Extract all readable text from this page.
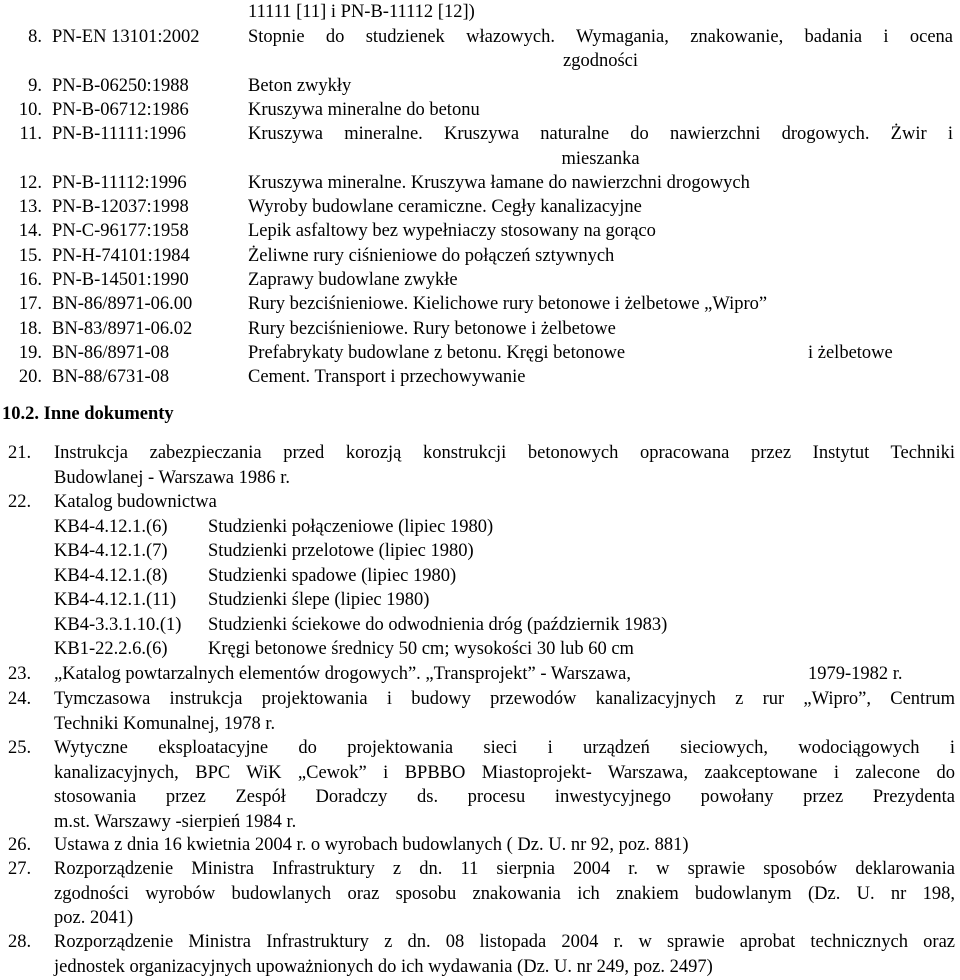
11111 [11] i PN-B-11112 [12])
8. PN-EN 13101:2002	Stopnie do studzienek włazowych. Wymagania, znakowanie, badania i ocena
zgodności
9. PN-B-06250:1988	Beton zwykły
10. PN-B-06712:1986	Kruszywa mineralne do betonu
11. PN-B-11111:1996	Kruszywa mineralne. Kruszywa naturalne do nawierzchni drogowych. Żwir i
mieszanka
12. PN-B-11112:1996	Kruszywa mineralne. Kruszywa łamane do nawierzchni drogowych
13. PN-B-12037:1998	Wyroby budowlane ceramiczne. Cegły kanalizacyjne
14. PN-C-96177:1958	Lepik asfaltowy bez wypełniaczy stosowany na gorąco
15. PN-H-74101:1984	Żeliwne rury ciśnieniowe do połączeń sztywnych
16. PN-B-14501:1990	Zaprawy budowlane zwykłe
17. BN-86/8971-06.00	Rury bezciśnieniowe. Kielichowe rury betonowe i żelbetowe „Wipro”
18. BN-83/8971-06.02	Rury bezciśnieniowe. Rury betonowe i żelbetowe
19. BN-86/8971-08	Prefabrykaty budowlane z betonu. Kręgi betonowe	i żelbetowe
20. BN-88/6731-08	Cement. Transport i przechowywanie
10.2. Inne dokumenty
21. Instrukcja zabezpieczania przed korozją konstrukcji betonowych opracowana przez Instytut Techniki
Budowlanej - Warszawa 1986 r.
22. Katalog budownictwa
KB4-4.12.1.(6) Studzienki połączeniowe (lipiec 1980)
KB4-4.12.1.(7) Studzienki przelotowe (lipiec 1980)
KB4-4.12.1.(8) Studzienki spadowe (lipiec 1980)
KB4-4.12.1.(11) Studzienki ślepe (lipiec 1980)
KB4-3.3.1.10.(1) Studzienki ściekowe do odwodnienia dróg (październik 1983)
KB1-22.2.6.(6) Kręgi betonowe średnicy 50 cm; wysokości 30 lub 60 cm
23. „Katalog powtarzalnych elementów drogowych”. „Transprojekt” - Warszawa,	1979-1982 r.
24. Tymczasowa instrukcja projektowania i budowy przewodów kanalizacyjnych z rur „Wipro”, Centrum
Techniki Komunalnej, 1978 r.
25. Wytyczne eksploatacyjne do projektowania sieci i urządzeń sieciowych, wodociągowych i
kanalizacyjnych, BPC WiK „Cewok” i BPBBO Miastoprojekt- Warszawa, zaakceptowane i zalecone do
stosowania przez Zespół Doradczy ds. procesu inwestycyjnego powołany przez Prezydenta
m.st. Warszawy -sierpień 1984 r.
26. Ustawa z dnia 16 kwietnia 2004 r. o wyrobach budowlanych ( Dz. U. nr 92, poz. 881)
27. Rozporządzenie Ministra Infrastruktury z dn. 11 sierpnia 2004 r. w sprawie sposobów deklarowania
zgodności wyrobów budowlanych oraz sposobu znakowania ich znakiem budowlanym (Dz. U. nr 198,
poz. 2041)
28. Rozporządzenie Ministra Infrastruktury z dn. 08 listopada 2004 r. w sprawie aprobat technicznych oraz
jednostek organizacyjnych upoważnionych do ich wydawania (Dz. U. nr 249, poz. 2497)
